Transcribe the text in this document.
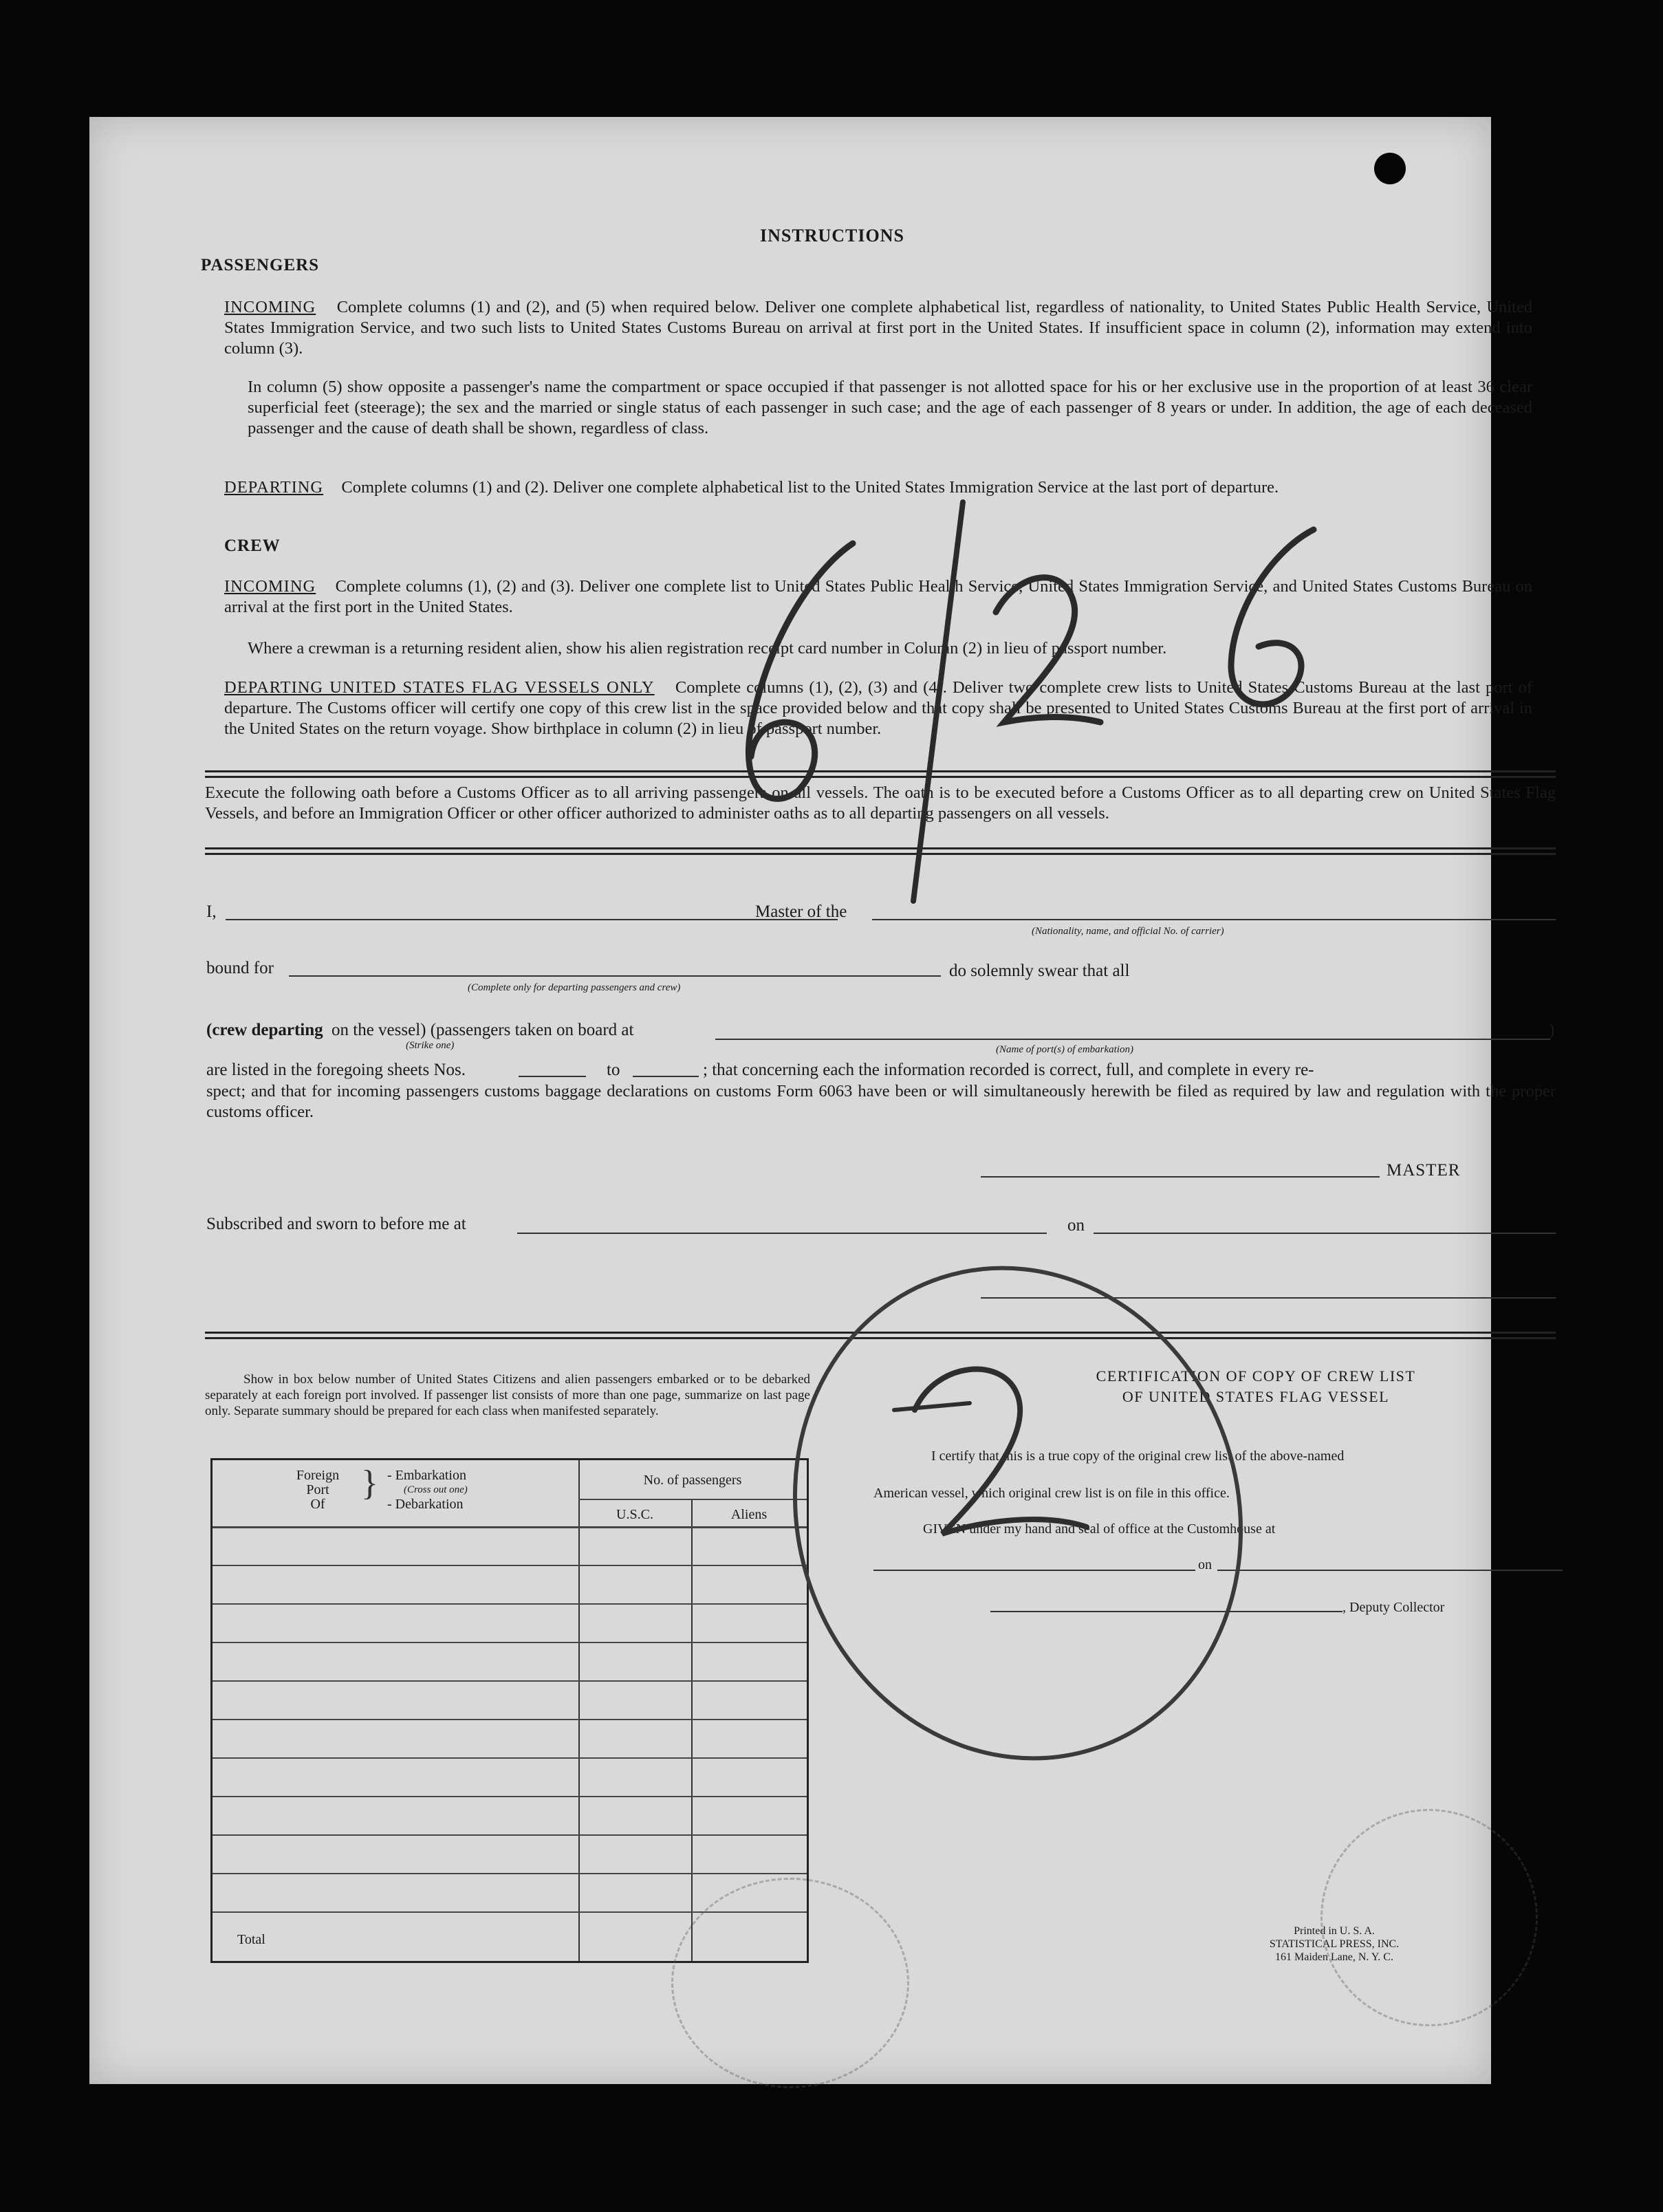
INSTRUCTIONS
PASSENGERS
INCOMING Complete columns (1) and (2), and (5) when required below. Deliver one complete alphabetical list, regardless of nationality, to United States Public Health Service, United States Immigration Service, and two such lists to United States Customs Bureau on arrival at first port in the United States. If insufficient space in column (2), information may extend into column (3).
In column (5) show opposite a passenger's name the compartment or space occupied if that passenger is not allotted space for his or her exclusive use in the proportion of at least 36 clear superficial feet (steerage); the sex and the married or single status of each passenger in such case; and the age of each passenger of 8 years or under. In addition, the age of each deceased passenger and the cause of death shall be shown, regardless of class.
DEPARTING Complete columns (1) and (2). Deliver one complete alphabetical list to the United States Immigration Service at the last port of departure.
CREW
INCOMING Complete columns (1), (2) and (3). Deliver one complete list to United States Public Health Service, United States Immigration Service, and United States Customs Bureau on arrival at the first port in the United States.
Where a crewman is a returning resident alien, show his alien registration receipt card number in Column (2) in lieu of passport number.
DEPARTING UNITED STATES FLAG VESSELS ONLY Complete columns (1), (2), (3) and (4). Deliver two complete crew lists to United States Customs Bureau at the last port of departure. The Customs officer will certify one copy of this crew list in the space provided below and that copy shall be presented to United States Customs Bureau at the first port of arrival in the United States on the return voyage. Show birthplace in column (2) in lieu of passport number.
Execute the following oath before a Customs Officer as to all arriving passengers on all vessels. The oath is to be executed before a Customs Officer as to all departing crew on United States Flag Vessels, and before an Immigration Officer or other officer authorized to administer oaths as to all departing passengers on all vessels.
I,	Master of the
(Nationality, name, and official No. of carrier)
bound for
(Complete only for departing passengers and crew)
do solemnly swear that all
(crew departing on the vessel) (passengers taken on board at
(Strike one)	(Name of port(s) of embarkation)
)
are listed in the foregoing sheets Nos.	to	; that concerning each the information recorded is correct, full, and complete in every re-
spect; and that for incoming passengers customs baggage declarations on customs Form 6063 have been or will simultaneously herewith be filed as required by law and regulation with the proper customs officer.
MASTER
Subscribed and sworn to before me at	on
Show in box below number of United States Citizens and alien passengers embarked or to be debarked separately at each foreign port involved. If passenger list consists of more than one page, summarize on last page only. Separate summary should be prepared for each class when manifested separately.
Foreign
Port
Of
} - Embarkation
(Cross out one)
- Debarkation
No. of passengers
U.S.C.	Aliens
Total
CERTIFICATION OF COPY OF CREW LIST
OF UNITED STATES FLAG VESSEL
I certify that this is a true copy of the original crew list of the above-named
American vessel, which original crew list is on file in this office.
GIVEN under my hand and seal of office at the Customhouse at
on
, Deputy Collector
Printed in U. S. A.
STATISTICAL PRESS, INC.
161 Maiden Lane, N. Y. C.
